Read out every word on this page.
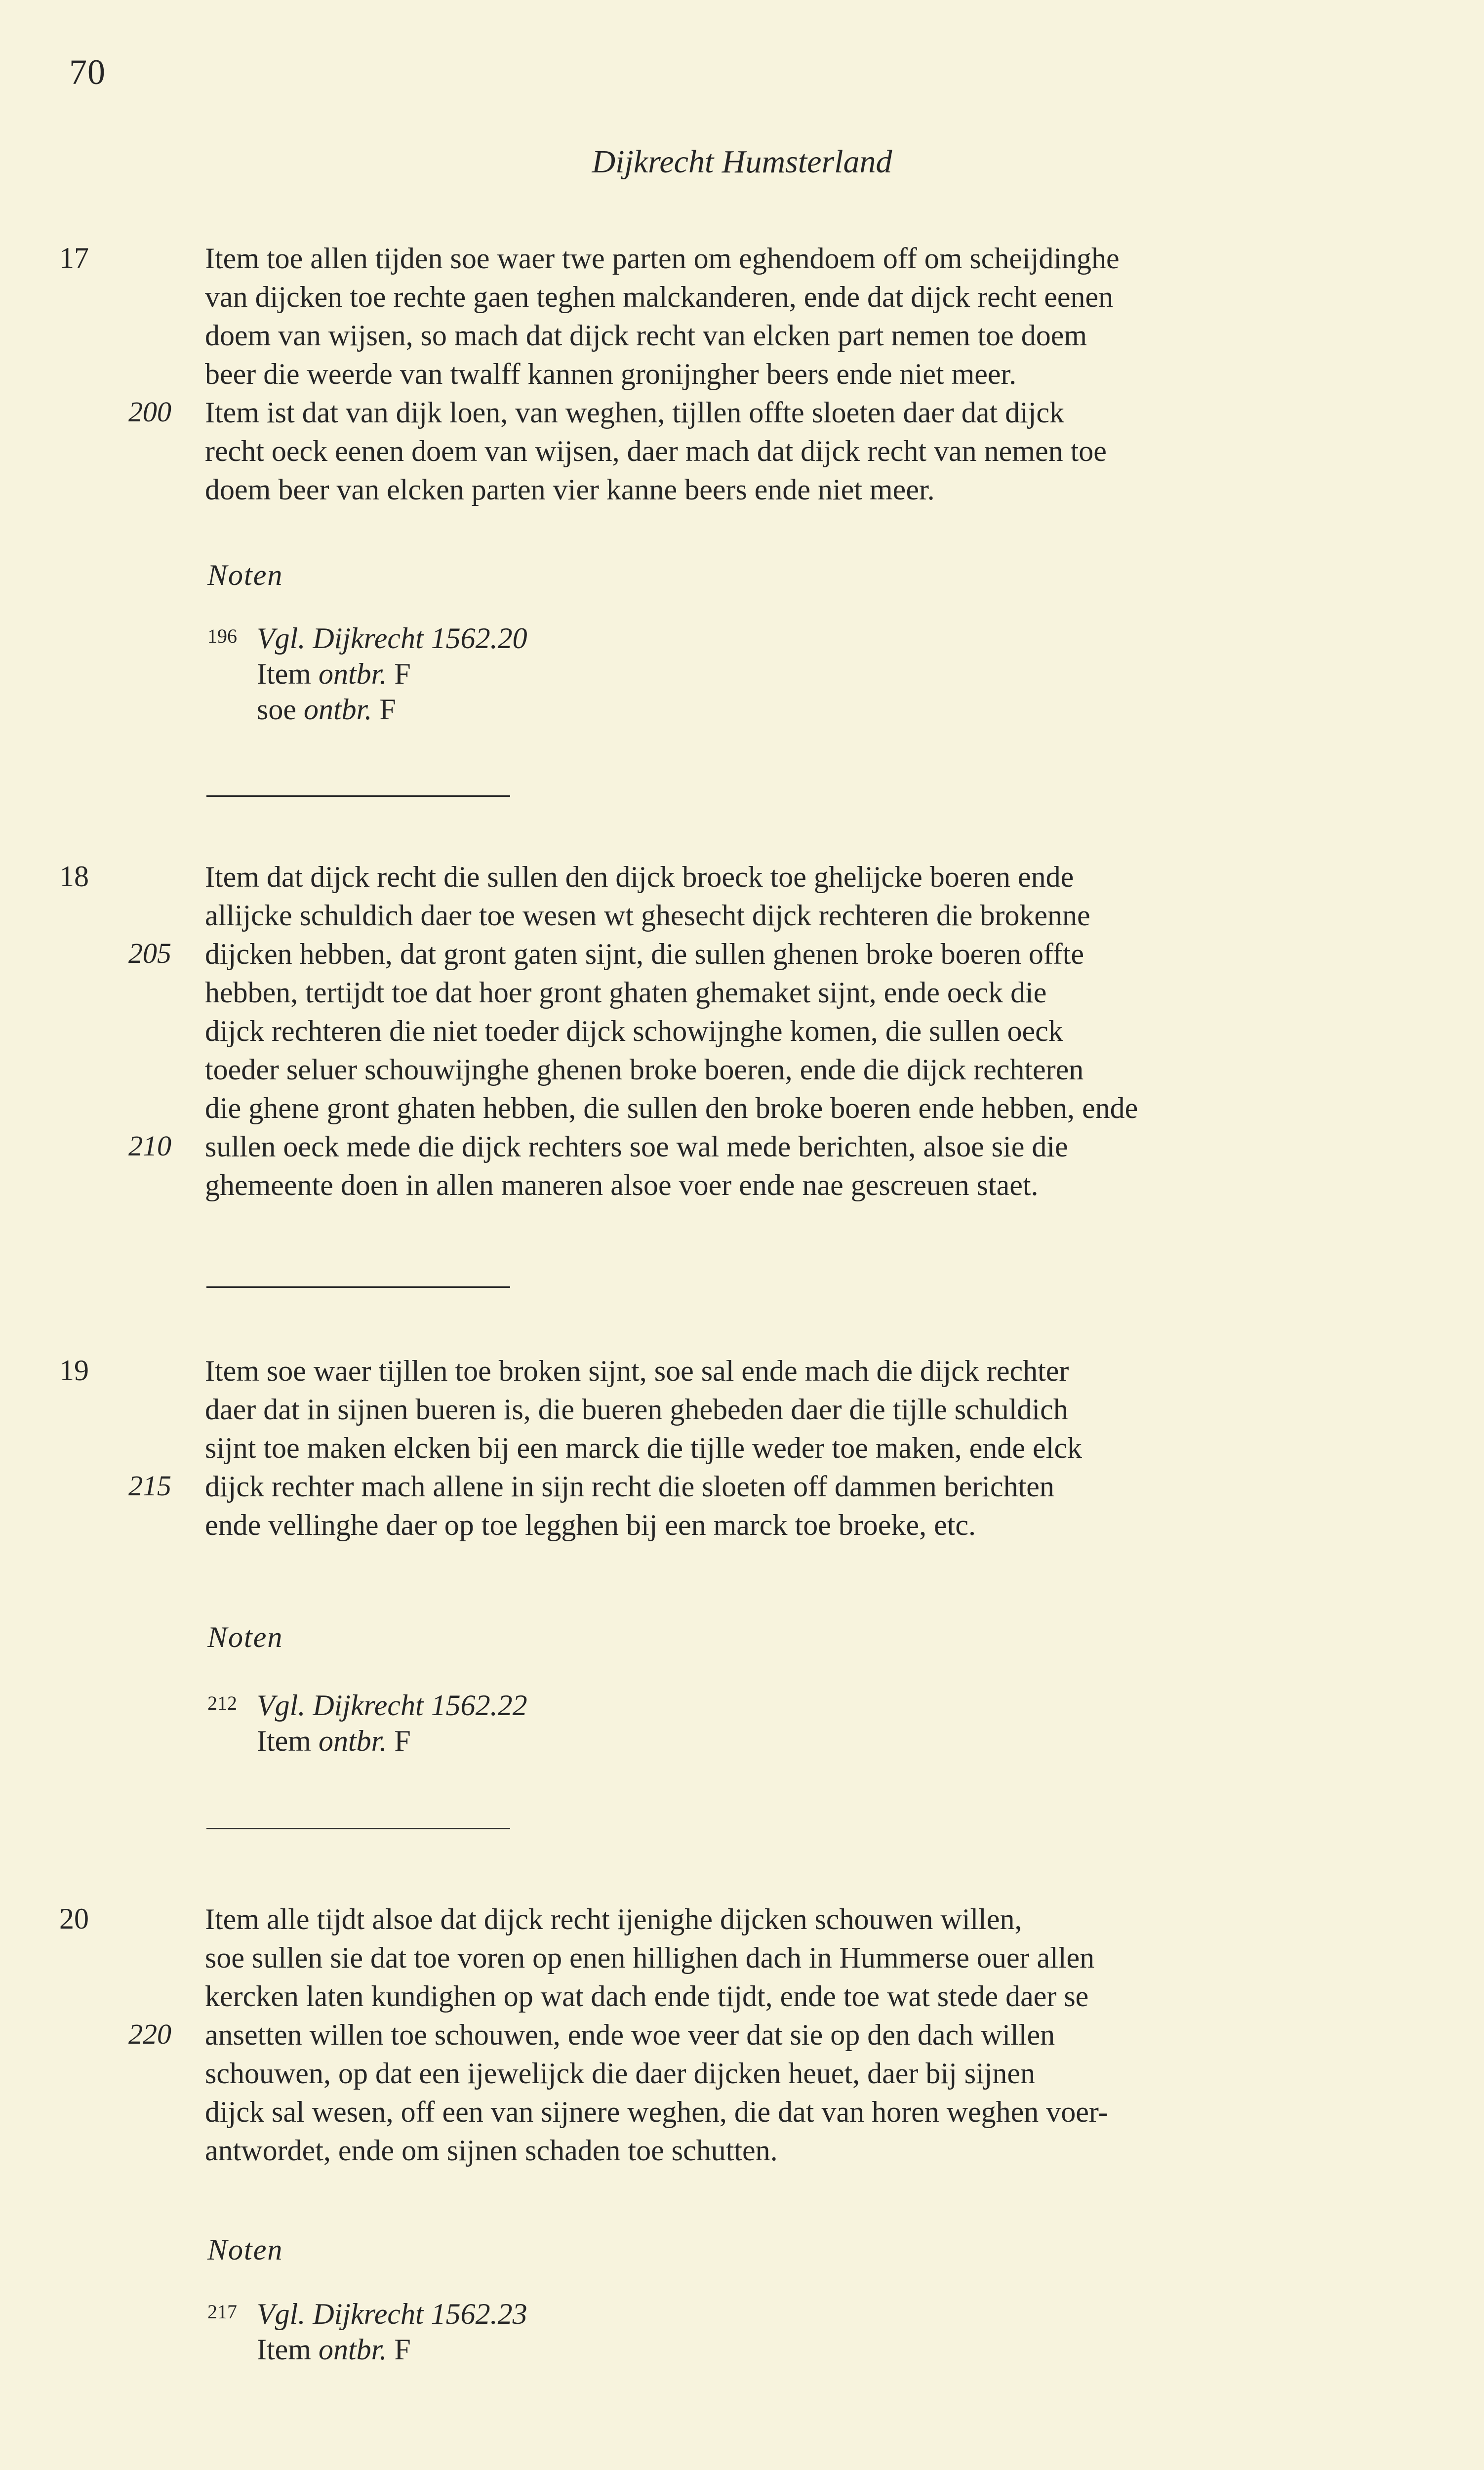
70
Dijkrecht Humsterland
17	Item toe allen tijden soe waer twe parten om eghendoem off om scheijdinghe
van dijcken toe rechte gaen teghen malckanderen, ende dat dijck recht eenen
doem van wijsen, so mach dat dijck recht van elcken part nemen toe doem
beer die weerde van twalff kannen gronijngher beers ende niet meer.
200 Item ist dat van dijk loen, van weghen, tijllen offte sloeten daer dat dijck
recht oeck eenen doem van wijsen, daer mach dat dijck recht van nemen toe
doem beer van elcken parten vier kanne beers ende niet meer.
Noten
196 Vgl. Dijkrecht 1562.20
Item ontbr. F
soe ontbr. F
18	Item dat dijck recht die sullen den dijck broeck toe ghelijcke boeren ende
allijcke schuldich daer toe wesen wt ghesecht dijck rechteren die brokenne
205 dijcken hebben, dat gront gaten sijnt, die sullen ghenen broke boeren offte
hebben, tertijdt toe dat hoer gront ghaten ghemaket sijnt, ende oeck die
dijck rechteren die niet toeder dijck schowijnghe komen, die sullen oeck
toeder seluer schouwijnghe ghenen broke boeren, ende die dijck rechteren
die ghene gront ghaten hebben, die sullen den broke boeren ende hebben, ende
210 sullen oeck mede die dijck rechters soe wal mede berichten, alsoe sie die
ghemeente doen in allen maneren alsoe voer ende nae gescreuen staet.
19	Item soe waer tijllen toe broken sijnt, soe sal ende mach die dijck rechter
daer dat in sijnen bueren is, die bueren ghebeden daer die tijlle schuldich
sijnt toe maken elcken bij een marck die tijlle weder toe maken, ende elck
215 dijck rechter mach allene in sijn recht die sloeten off dammen berichten
ende vellinghe daer op toe legghen bij een marck toe broeke, etc.
Noten
212 Vgl. Dijkrecht 1562.22
Item ontbr. F
20	Item alle tijdt alsoe dat dijck recht ijenighe dijcken schouwen willen,
soe sullen sie dat toe voren op enen hillighen dach in Hummerse ouer allen
kercken laten kundighen op wat dach ende tijdt, ende toe wat stede daer se
220 ansetten willen toe schouwen, ende woe veer dat sie op den dach willen
schouwen, op dat een ijewelijck die daer dijcken heuet, daer bij sijnen
dijck sal wesen, off een van sijnere weghen, die dat van horen weghen voer-
antwordet, ende om sijnen schaden toe schutten.
Noten
217 Vgl. Dijkrecht 1562.23
Item ontbr. F
